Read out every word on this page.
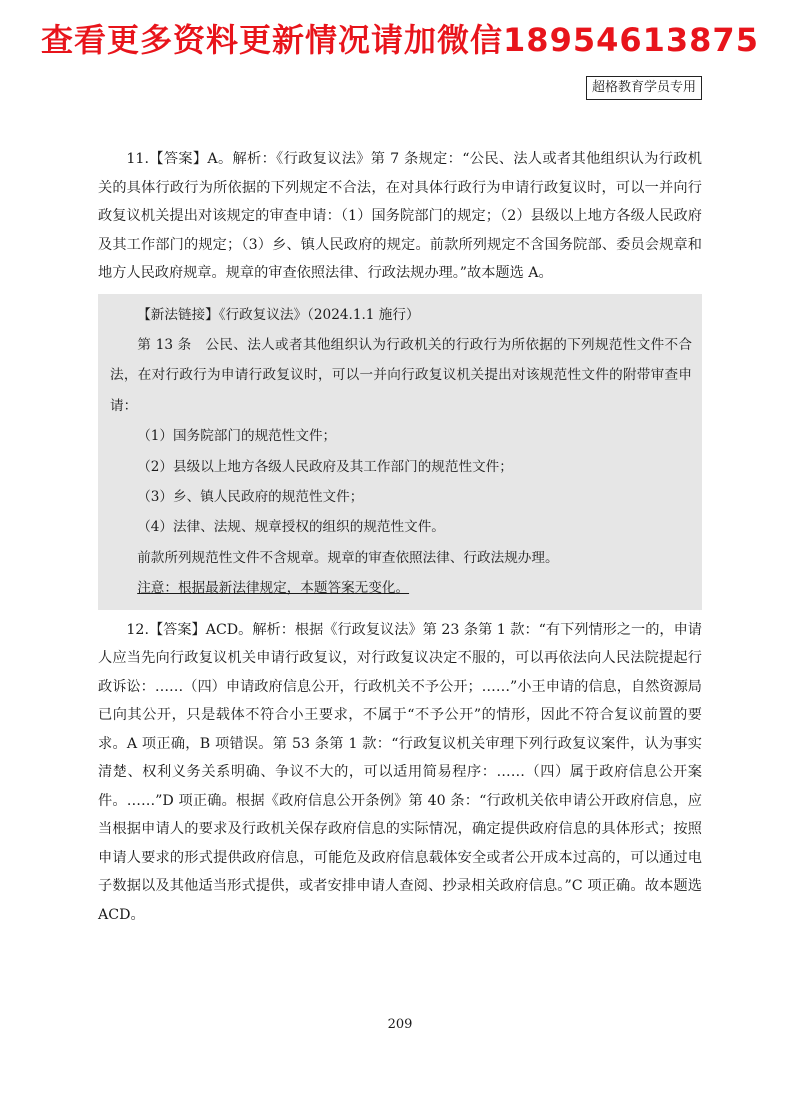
查看更多资料更新情况请加微信18954613875
超格教育学员专用

11.【答案】A。解析：《行政复议法》第 7 条规定：“公民、法人或者其他组织认为行政机关的具体行政行为所依据的下列规定不合法，在对具体行政行为申请行政复议时，可以一并向行政复议机关提出对该规定的审查申请：（1）国务院部门的规定；（2）县级以上地方各级人民政府及其工作部门的规定；（3）乡、镇人民政府的规定。前款所列规定不含国务院部、委员会规章和地方人民政府规章。规章的审查依照法律、行政法规办理。”故本题选 A。

【新法链接】《行政复议法》（2024.1.1 施行）

第 13 条　公民、法人或者其他组织认为行政机关的行政行为所依据的下列规范性文件不合法，在对行政行为申请行政复议时，可以一并向行政复议机关提出对该规范性文件的附带审查申请：

（1）国务院部门的规范性文件；

（2）县级以上地方各级人民政府及其工作部门的规范性文件；

（3）乡、镇人民政府的规范性文件；

（4）法律、法规、规章授权的组织的规范性文件。

前款所列规范性文件不含规章。规章的审查依照法律、行政法规办理。

注意：根据最新法律规定，本题答案无变化。

12.【答案】ACD。解析：根据《行政复议法》第 23 条第 1 款：“有下列情形之一的，申请人应当先向行政复议机关申请行政复议，对行政复议决定不服的，可以再依法向人民法院提起行政诉讼：……（四）申请政府信息公开，行政机关不予公开；……”小王申请的信息，自然资源局已向其公开，只是载体不符合小王要求，不属于“不予公开”的情形，因此不符合复议前置的要求。A 项正确，B 项错误。第 53 条第 1 款：“行政复议机关审理下列行政复议案件，认为事实清楚、权利义务关系明确、争议不大的，可以适用简易程序：……（四）属于政府信息公开案件。……”D 项正确。根据《政府信息公开条例》第 40 条：“行政机关依申请公开政府信息，应当根据申请人的要求及行政机关保存政府信息的实际情况，确定提供政府信息的具体形式；按照申请人要求的形式提供政府信息，可能危及政府信息载体安全或者公开成本过高的，可以通过电子数据以及其他适当形式提供，或者安排申请人查阅、抄录相关政府信息。”C 项正确。故本题选 ACD。

209
